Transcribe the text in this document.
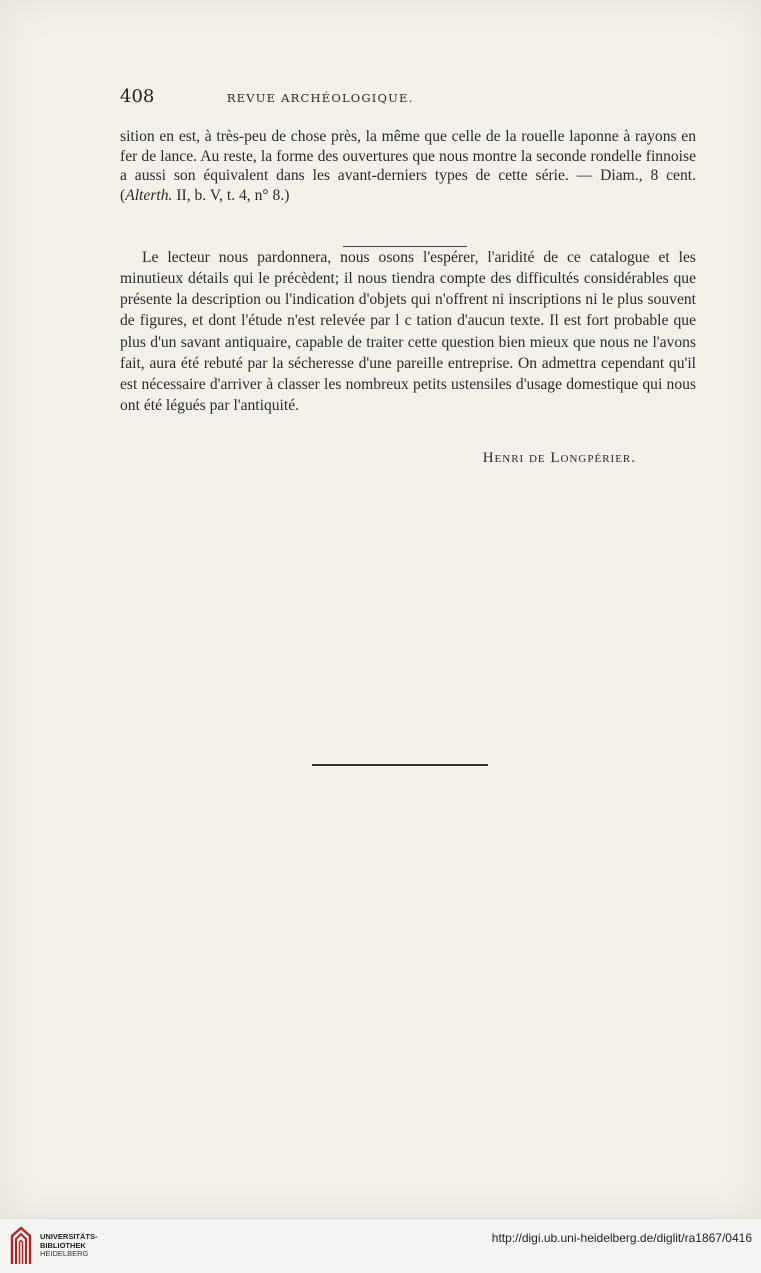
408	REVUE ARCHÉOLOGIQUE.

sition en est, à très-peu de chose près, la même que celle de la rouelle laponne à rayons en fer de lance. Au reste, la forme des ouvertures que nous montre la seconde rondelle finnoise a aussi son équivalent dans les avant-derniers types de cette série. — Diam., 8 cent. (Alterth. II, b. V, t. 4, n° 8.)

Le lecteur nous pardonnera, nous osons l'espérer, l'aridité de ce catalogue et les minutieux détails qui le précèdent; il nous tiendra compte des difficultés considérables que présente la description ou l'indication d'objets qui n'offrent ni inscriptions ni le plus souvent de figures, et dont l'étude n'est relevée par l c tation d'aucun texte. Il est fort probable que plus d'un savant antiquaire, capable de traiter cette question bien mieux que nous ne l'avons fait, aura été rebuté par la sécheresse d'une pareille entreprise. On admettra cependant qu'il est nécessaire d'arriver à classer les nombreux petits ustensiles d'usage domestique qui nous ont été légués par l'antiquité.

Henri de Longpérier.
UNIVERSITÄTS-
BIBLIOTHEK
HEIDELBERG
http://digi.ub.uni-heidelberg.de/diglit/ra1867/0416
